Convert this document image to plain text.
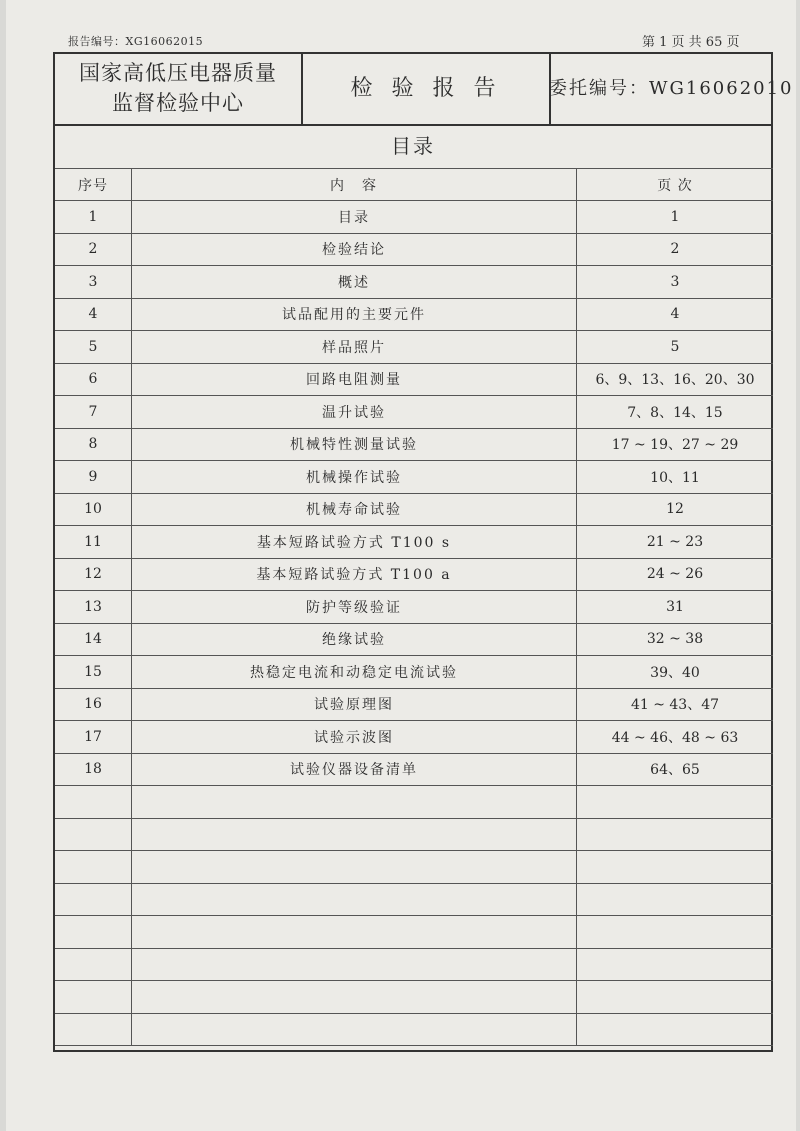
报告编号：XG16062015	第 1 页 共 65 页
国家高低压电器质量
监督检验中心
检 验 报 告	委托编号：WG16062010
目录
序号	内　容	页 次
1	目录	1
2	检验结论	2
3	概述	3
4	试品配用的主要元件	4
5	样品照片	5
6	回路电阻测量	6、9、13、16、20、30
7	温升试验	7、8、14、15
8	机械特性测量试验	17 ~ 19、27 ~ 29
9	机械操作试验	10、11
10	机械寿命试验	12
11	基本短路试验方式 T100 s	21 ~ 23
12	基本短路试验方式 T100 a	24 ~ 26
13	防护等级验证	31
14	绝缘试验	32 ~ 38
15	热稳定电流和动稳定电流试验	39、40
16	试验原理图	41 ~ 43、47
17	试验示波图	44 ~ 46、48 ~ 63
18	试验仪器设备清单	64、65
